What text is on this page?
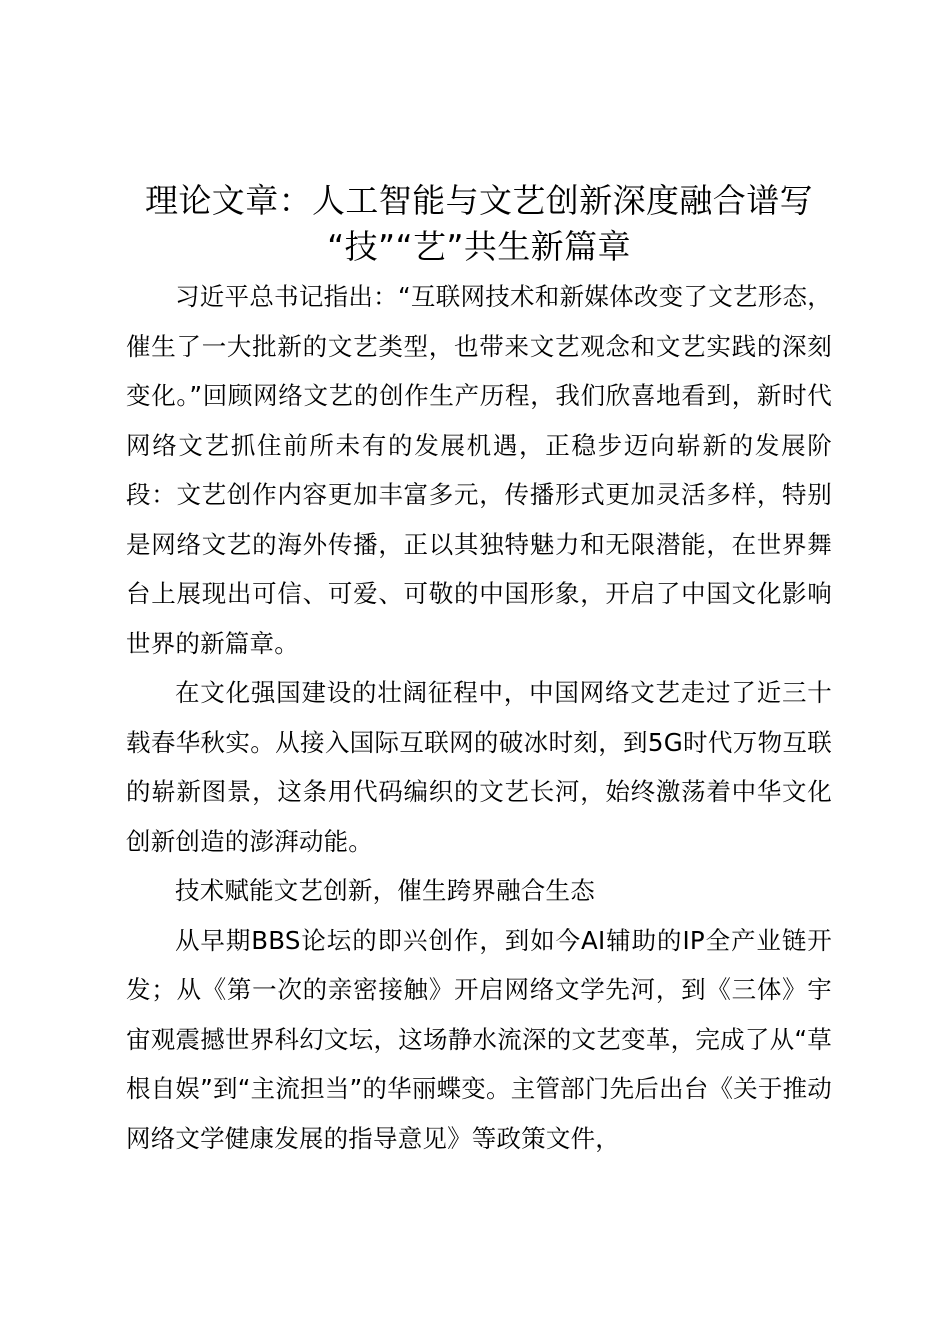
理论文章：人工智能与文艺创新深度融合谱写
“技”“艺”共生新篇章

习近平总书记指出：“互联网技术和新媒体改变了文艺形态，催生了一大批新的文艺类型，也带来文艺观念和文艺实践的深刻变化。”回顾网络文艺的创作生产历程，我们欣喜地看到，新时代网络文艺抓住前所未有的发展机遇，正稳步迈向崭新的发展阶段：文艺创作内容更加丰富多元，传播形式更加灵活多样，特别是网络文艺的海外传播，正以其独特魅力和无限潜能，在世界舞台上展现出可信、可爱、可敬的中国形象，开启了中国文化影响世界的新篇章。

在文化强国建设的壮阔征程中，中国网络文艺走过了近三十载春华秋实。从接入国际互联网的破冰时刻，到5G时代万物互联的崭新图景，这条用代码编织的文艺长河，始终激荡着中华文化创新创造的澎湃动能。

技术赋能文艺创新，催生跨界融合生态

从早期BBS论坛的即兴创作，到如今AI辅助的IP全产业链开发；从《第一次的亲密接触》开启网络文学先河，到《三体》宇宙观震撼世界科幻文坛，这场静水流深的文艺变革，完成了从“草根自娱”到“主流担当”的华丽蝶变。主管部门先后出台《关于推动网络文学健康发展的指导意见》等政策文件，
